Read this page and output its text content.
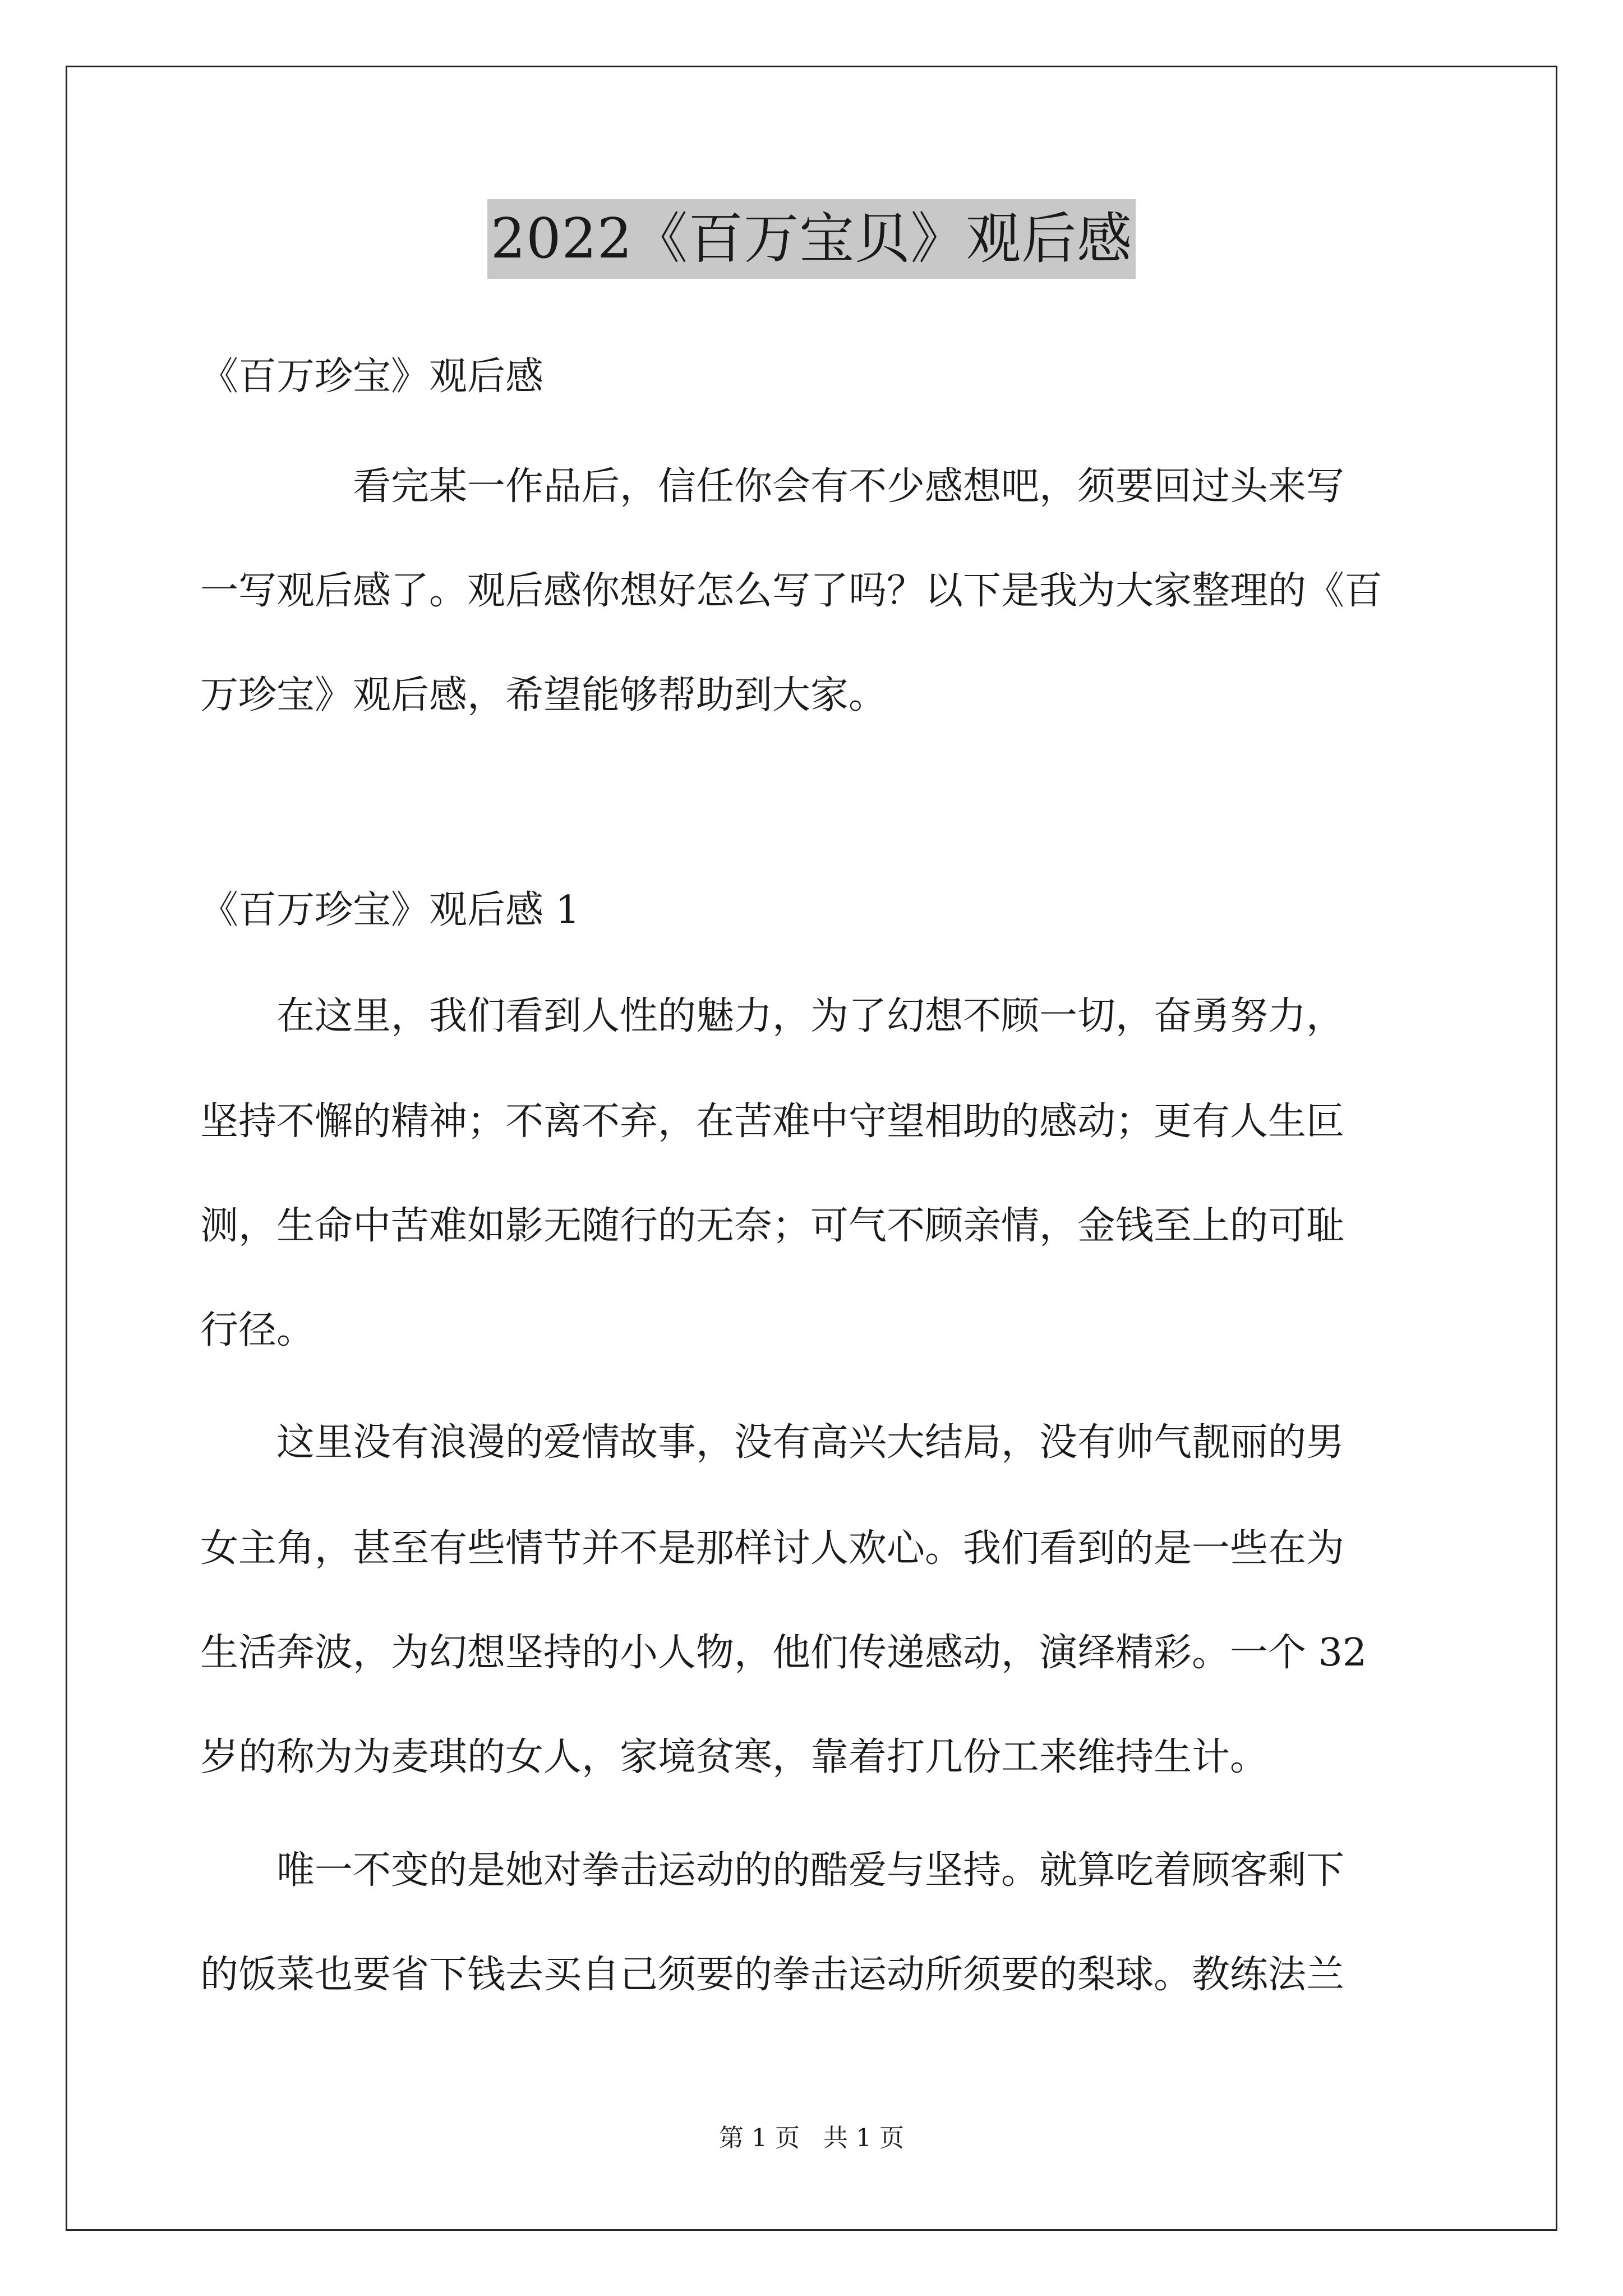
2022《百万宝贝》观后感
《百万珍宝》观后感
　　　　看完某一作品后，信任你会有不少感想吧，须要回过头来写
一写观后感了。观后感你想好怎么写了吗？以下是我为大家整理的《百
万珍宝》观后感，希望能够帮助到大家。
《百万珍宝》观后感 1
　　在这里，我们看到人性的魅力，为了幻想不顾一切，奋勇努力，
坚持不懈的精神；不离不弃，在苦难中守望相助的感动；更有人生叵
测，生命中苦难如影无随行的无奈；可气不顾亲情，金钱至上的可耻
行径。
　　这里没有浪漫的爱情故事，没有高兴大结局，没有帅气靓丽的男
女主角，甚至有些情节并不是那样讨人欢心。我们看到的是一些在为
生活奔波，为幻想坚持的小人物，他们传递感动，演绎精彩。一个 32
岁的称为为麦琪的女人，家境贫寒，靠着打几份工来维持生计。
　　唯一不变的是她对拳击运动的的酷爱与坚持。就算吃着顾客剩下
的饭菜也要省下钱去买自己须要的拳击运动所须要的梨球。教练法兰
第 1 页 共 1 页
